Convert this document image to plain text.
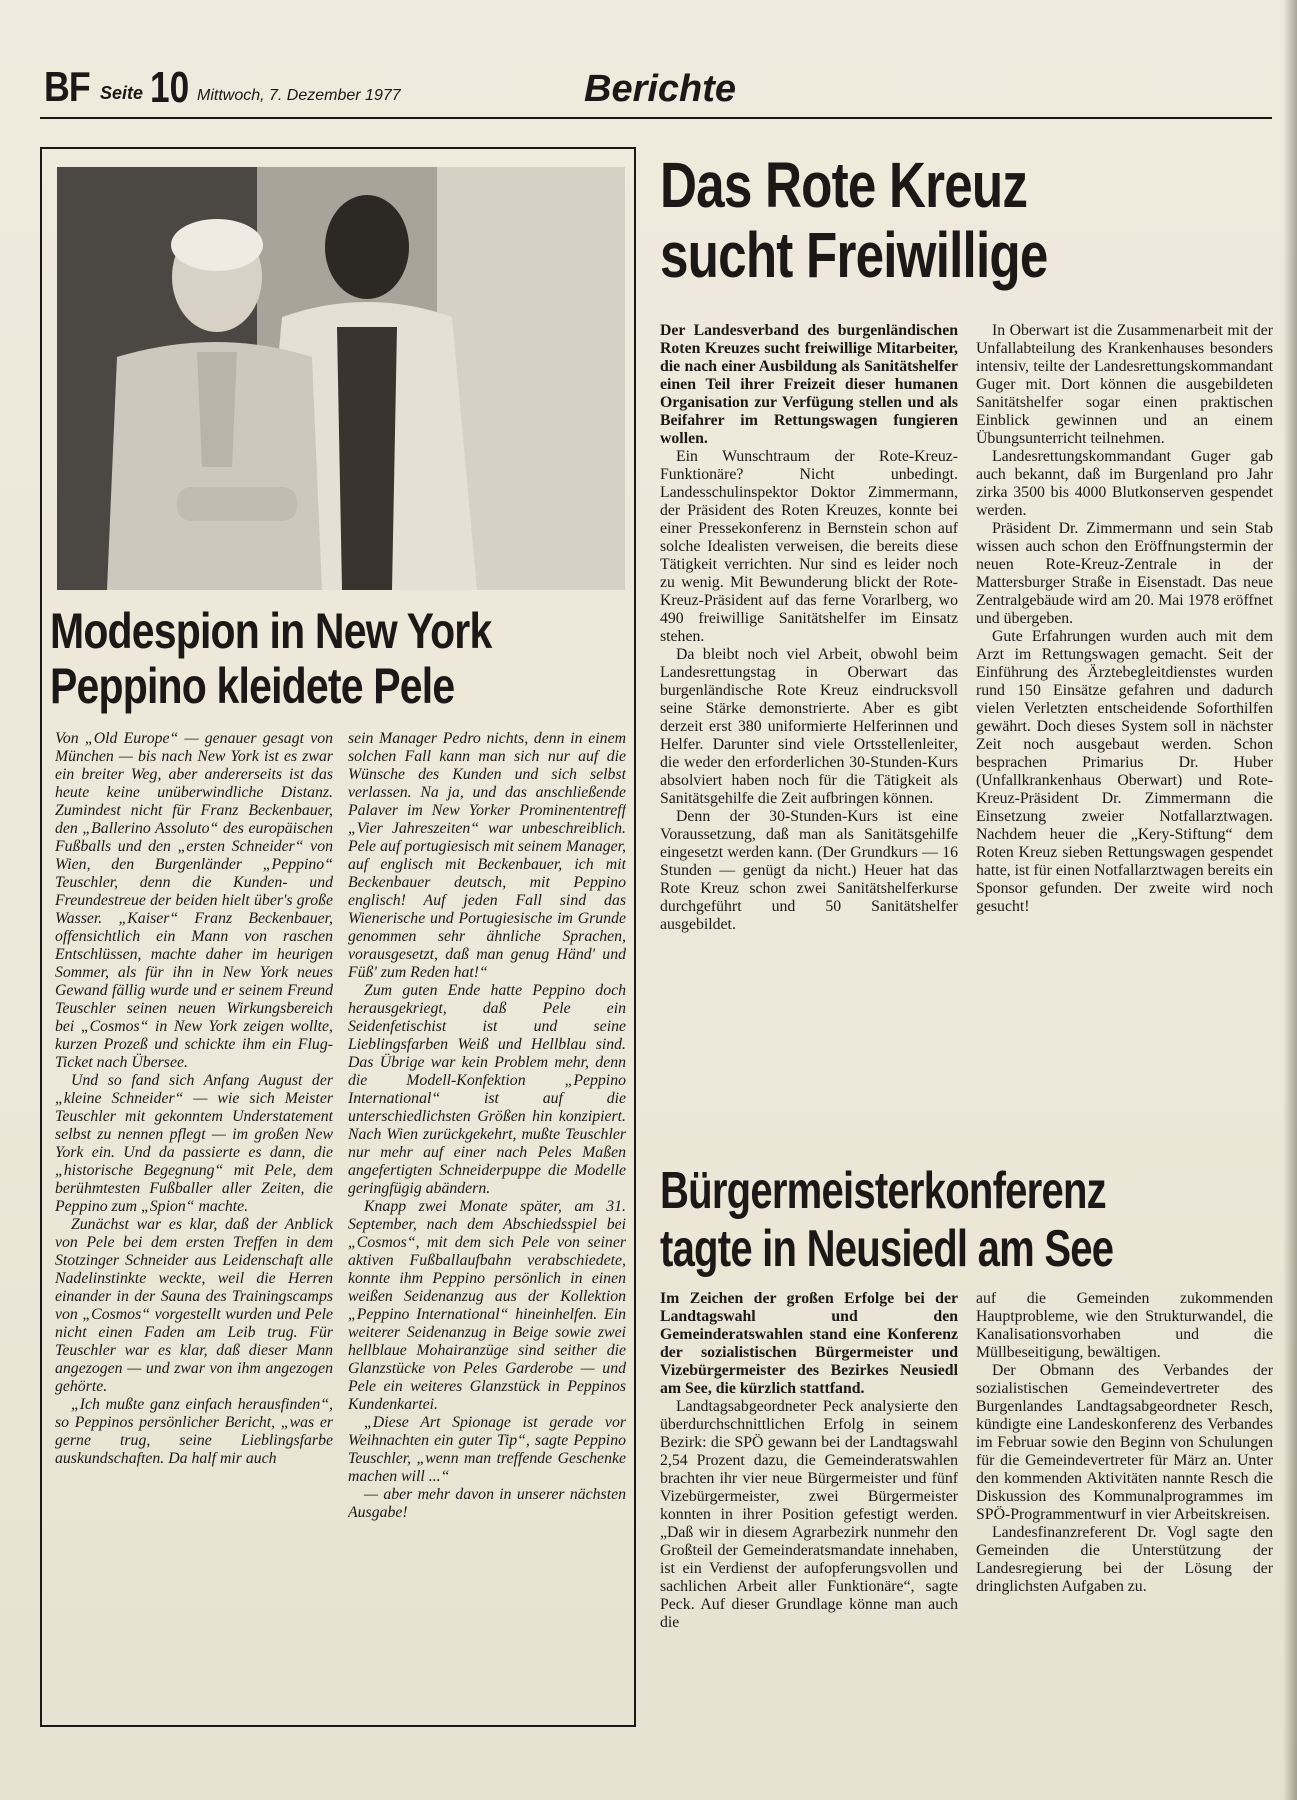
BF Seite 10 Mittwoch, 7. Dezember 1977	Berichte
Modespion in New York
Peppino kleidete Pele

Von „Old Europe“ — genauer gesagt von München — bis nach New York ist es zwar ein breiter Weg, aber andererseits ist das heute keine unüberwindliche Distanz. Zumindest nicht für Franz Beckenbauer, den „Ballerino Assoluto“ des europäischen Fußballs und den „ersten Schneider“ von Wien, den Burgenländer „Peppino“ Teuschler, denn die Kunden- und Freundestreue der beiden hielt über's große Wasser. „Kaiser“ Franz Beckenbauer, offensichtlich ein Mann von raschen Entschlüssen, machte daher im heurigen Sommer, als für ihn in New York neues Gewand fällig wurde und er seinem Freund Teuschler seinen neuen Wirkungsbereich bei „Cosmos“ in New York zeigen wollte, kurzen Prozeß und schickte ihm ein Flug-Ticket nach Übersee.

Und so fand sich Anfang August der „kleine Schneider“ — wie sich Meister Teuschler mit gekonntem Understatement selbst zu nennen pflegt — im großen New York ein. Und da passierte es dann, die „historische Begegnung“ mit Pele, dem berühmtesten Fußballer aller Zeiten, die Peppino zum „Spion“ machte.

Zunächst war es klar, daß der Anblick von Pele bei dem ersten Treffen in dem Stotzinger Schneider aus Leidenschaft alle Nadelinstinkte weckte, weil die Herren einander in der Sauna des Trainingscamps von „Cosmos“ vorgestellt wurden und Pele nicht einen Faden am Leib trug. Für Teuschler war es klar, daß dieser Mann angezogen — und zwar von ihm angezogen gehörte.

„Ich mußte ganz einfach herausfinden“, so Peppinos persönlicher Bericht, „was er gerne trug, seine Lieblingsfarbe auskundschaften. Da half mir auch

sein Manager Pedro nichts, denn in einem solchen Fall kann man sich nur auf die Wünsche des Kunden und sich selbst verlassen. Na ja, und das anschließende Palaver im New Yorker Prominententreff „Vier Jahreszeiten“ war unbeschreiblich. Pele auf portugiesisch mit seinem Manager, auf englisch mit Beckenbauer, ich mit Beckenbauer deutsch, mit Peppino englisch! Auf jeden Fall sind das Wienerische und Portugiesische im Grunde genommen sehr ähnliche Sprachen, vorausgesetzt, daß man genug Händ' und Füß' zum Reden hat!“

Zum guten Ende hatte Peppino doch herausgekriegt, daß Pele ein Seidenfetischist ist und seine Lieblingsfarben Weiß und Hellblau sind. Das Übrige war kein Problem mehr, denn die Modell-Konfektion „Peppino International“ ist auf die unterschiedlichsten Größen hin konzipiert. Nach Wien zurückgekehrt, mußte Teuschler nur mehr auf einer nach Peles Maßen angefertigten Schneiderpuppe die Modelle geringfügig abändern.

Knapp zwei Monate später, am 31. September, nach dem Abschiedsspiel bei „Cosmos“, mit dem sich Pele von seiner aktiven Fußballaufbahn verabschiedete, konnte ihm Peppino persönlich in einen weißen Seidenanzug aus der Kollektion „Peppino International“ hineinhelfen. Ein weiterer Seidenanzug in Beige sowie zwei hellblaue Mohairanzüge sind seither die Glanzstücke von Peles Garderobe — und Pele ein weiteres Glanzstück in Peppinos Kundenkartei.

„Diese Art Spionage ist gerade vor Weihnachten ein guter Tip“, sagte Peppino Teuschler, „wenn man treffende Geschenke machen will ...“

— aber mehr davon in unserer nächsten Ausgabe!

Das Rote Kreuz
sucht Freiwillige

Der Landesverband des burgenländischen Roten Kreuzes sucht freiwillige Mitarbeiter, die nach einer Ausbildung als Sanitätshelfer einen Teil ihrer Freizeit dieser humanen Organisation zur Verfügung stellen und als Beifahrer im Rettungswagen fungieren wollen.

Ein Wunschtraum der Rote-Kreuz-Funktionäre? Nicht unbedingt. Landesschulinspektor Doktor Zimmermann, der Präsident des Roten Kreuzes, konnte bei einer Pressekonferenz in Bernstein schon auf solche Idealisten verweisen, die bereits diese Tätigkeit verrichten. Nur sind es leider noch zu wenig. Mit Bewunderung blickt der Rote-Kreuz-Präsident auf das ferne Vorarlberg, wo 490 freiwillige Sanitätshelfer im Einsatz stehen.

Da bleibt noch viel Arbeit, obwohl beim Landesrettungstag in Oberwart das burgenländische Rote Kreuz eindrucksvoll seine Stärke demonstrierte. Aber es gibt derzeit erst 380 uniformierte Helferinnen und Helfer. Darunter sind viele Ortsstellenleiter, die weder den erforderlichen 30-Stunden-Kurs absolviert haben noch für die Tätigkeit als Sanitätsgehilfe die Zeit aufbringen können.

Denn der 30-Stunden-Kurs ist eine Voraussetzung, daß man als Sanitätsgehilfe eingesetzt werden kann. (Der Grundkurs — 16 Stunden — genügt da nicht.) Heuer hat das Rote Kreuz schon zwei Sanitätshelferkurse durchgeführt und 50 Sanitätshelfer ausgebildet.

In Oberwart ist die Zusammenarbeit mit der Unfallabteilung des Krankenhauses besonders intensiv, teilte der Landesrettungskommandant Guger mit. Dort können die ausgebildeten Sanitätshelfer sogar einen praktischen Einblick gewinnen und an einem Übungsunterricht teilnehmen.

Landesrettungskommandant Guger gab auch bekannt, daß im Burgenland pro Jahr zirka 3500 bis 4000 Blutkonserven gespendet werden.

Präsident Dr. Zimmermann und sein Stab wissen auch schon den Eröffnungstermin der neuen Rote-Kreuz-Zentrale in der Mattersburger Straße in Eisenstadt. Das neue Zentralgebäude wird am 20. Mai 1978 eröffnet und übergeben.

Gute Erfahrungen wurden auch mit dem Arzt im Rettungswagen gemacht. Seit der Einführung des Ärztebegleitdienstes wurden rund 150 Einsätze gefahren und dadurch vielen Verletzten entscheidende Soforthilfen gewährt. Doch dieses System soll in nächster Zeit noch ausgebaut werden. Schon besprachen Primarius Dr. Huber (Unfallkrankenhaus Oberwart) und Rote-Kreuz-Präsident Dr. Zimmermann die Einsetzung zweier Notfallarztwagen. Nachdem heuer die „Kery-Stiftung“ dem Roten Kreuz sieben Rettungswagen gespendet hatte, ist für einen Notfallarztwagen bereits ein Sponsor gefunden. Der zweite wird noch gesucht!

Bürgermeisterkonferenz
tagte in Neusiedl am See

Im Zeichen der großen Erfolge bei der Landtagswahl und den Gemeinderatswahlen stand eine Konferenz der sozialistischen Bürgermeister und Vizebürgermeister des Bezirkes Neusiedl am See, die kürzlich stattfand.

Landtagsabgeordneter Peck analysierte den überdurchschnittlichen Erfolg in seinem Bezirk: die SPÖ gewann bei der Landtagswahl 2,54 Prozent dazu, die Gemeinderatswahlen brachten ihr vier neue Bürgermeister und fünf Vizebürgermeister, zwei Bürgermeister konnten in ihrer Position gefestigt werden. „Daß wir in diesem Agrarbezirk nunmehr den Großteil der Gemeinderatsmandate innehaben, ist ein Verdienst der aufopferungsvollen und sachlichen Arbeit aller Funktionäre“, sagte Peck. Auf dieser Grundlage könne man auch die

auf die Gemeinden zukommenden Hauptprobleme, wie den Strukturwandel, die Kanalisationsvorhaben und die Müllbeseitigung, bewältigen.

Der Obmann des Verbandes der sozialistischen Gemeindevertreter des Burgenlandes Landtagsabgeordneter Resch, kündigte eine Landeskonferenz des Verbandes im Februar sowie den Beginn von Schulungen für die Gemeindevertreter für März an. Unter den kommenden Aktivitäten nannte Resch die Diskussion des Kommunalprogrammes im SPÖ-Programmentwurf in vier Arbeitskreisen.

Landesfinanzreferent Dr. Vogl sagte den Gemeinden die Unterstützung der Landesregierung bei der Lösung der dringlichsten Aufgaben zu.
